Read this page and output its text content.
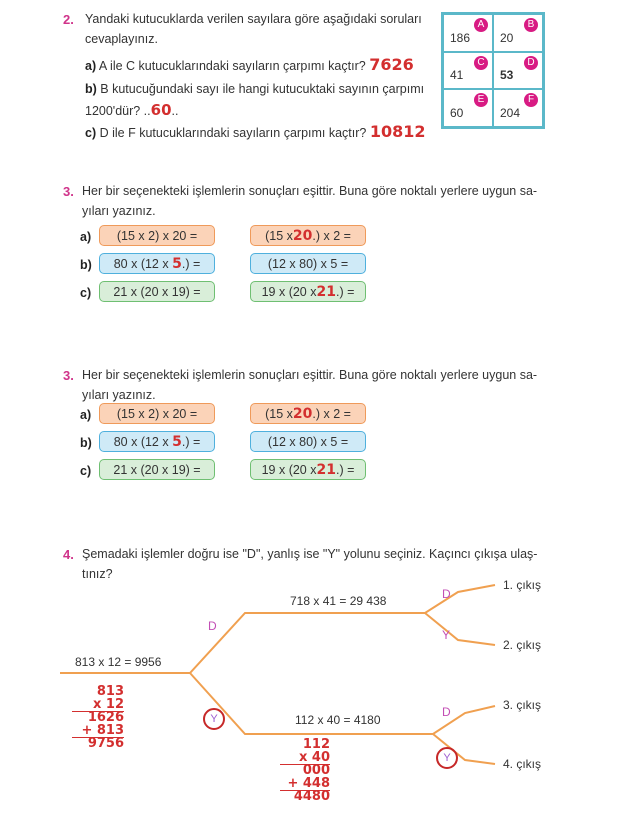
2. Yandaki kutucuklarda verilen sayılara göre aşağıdaki soruları
cevaplayınız.
a) A ile C kutucuklarındaki sayıların çarpımı kaçtır? 7626
b) B kutucuğundaki sayı ile hangi kutucuktaki sayının çarpımı
1200'dür? ..60..
c) D ile F kutucuklarındaki sayıların çarpımı kaçtır? 10812
A
186
B
20
C
41
D
53
E
60
F
204
3. Her bir seçenekteki işlemlerin sonuçları eşittir. Buna göre noktalı yerlere uygun sa-
yıları yazınız.
a)	(15 x 2) x 20 =	(15 x20.) x 2 =
b)	80 x (12 x 5.) =	(12 x 80) x 5 =
c)	21 x (20 x 19) =	19 x (20 x21.) =
3. Her bir seçenekteki işlemlerin sonuçları eşittir. Buna göre noktalı yerlere uygun sa-
yıları yazınız.
a)	(15 x 2) x 20 =	(15 x20.) x 2 =
b)	80 x (12 x 5.) =	(12 x 80) x 5 =
c)	21 x (20 x 19) =	19 x (20 x21.) =
4. Şemadaki işlemler doğru ise "D", yanlış ise "Y" yolunu seçiniz. Kaçıncı çıkışa ulaş-
tınız?
813 x 12 = 9956
718 x 41 = 29 438
112 x 40 = 4180
D
Y
D
Y
D
Y
1. çıkış
2. çıkış
3. çıkış
4. çıkış
813
x 12
1626
+ 813
9756	112
x 40
000
+ 448
4480
